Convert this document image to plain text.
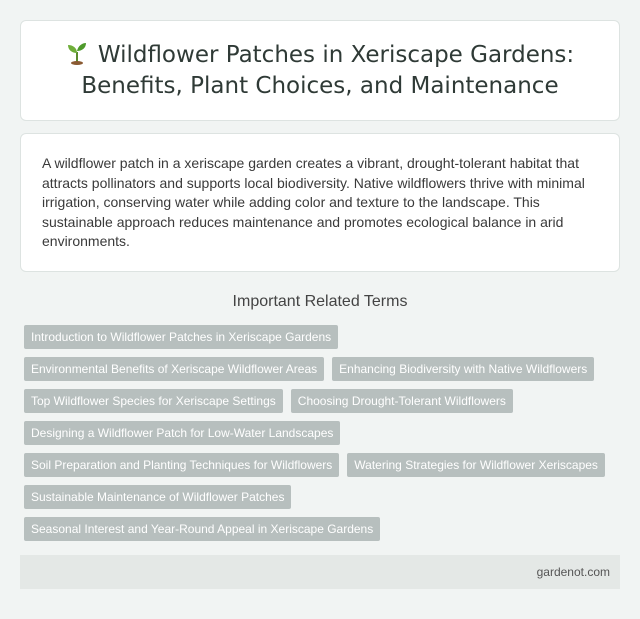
Wildflower Patches in Xeriscape Gardens: Benefits, Plant Choices, and Maintenance

A wildflower patch in a xeriscape garden creates a vibrant, drought-tolerant habitat that attracts pollinators and supports local biodiversity. Native wildflowers thrive with minimal irrigation, conserving water while adding color and texture to the landscape. This sustainable approach reduces maintenance and promotes ecological balance in arid environments.

Important Related Terms
Introduction to Wildflower Patches in Xeriscape Gardens
Environmental Benefits of Xeriscape Wildflower Areas	Enhancing Biodiversity with Native Wildflowers
Top Wildflower Species for Xeriscape Settings	Choosing Drought-Tolerant Wildflowers
Designing a Wildflower Patch for Low-Water Landscapes
Soil Preparation and Planting Techniques for Wildflowers	Watering Strategies for Wildflower Xeriscapes
Sustainable Maintenance of Wildflower Patches
Seasonal Interest and Year-Round Appeal in Xeriscape Gardens
gardenot.com
